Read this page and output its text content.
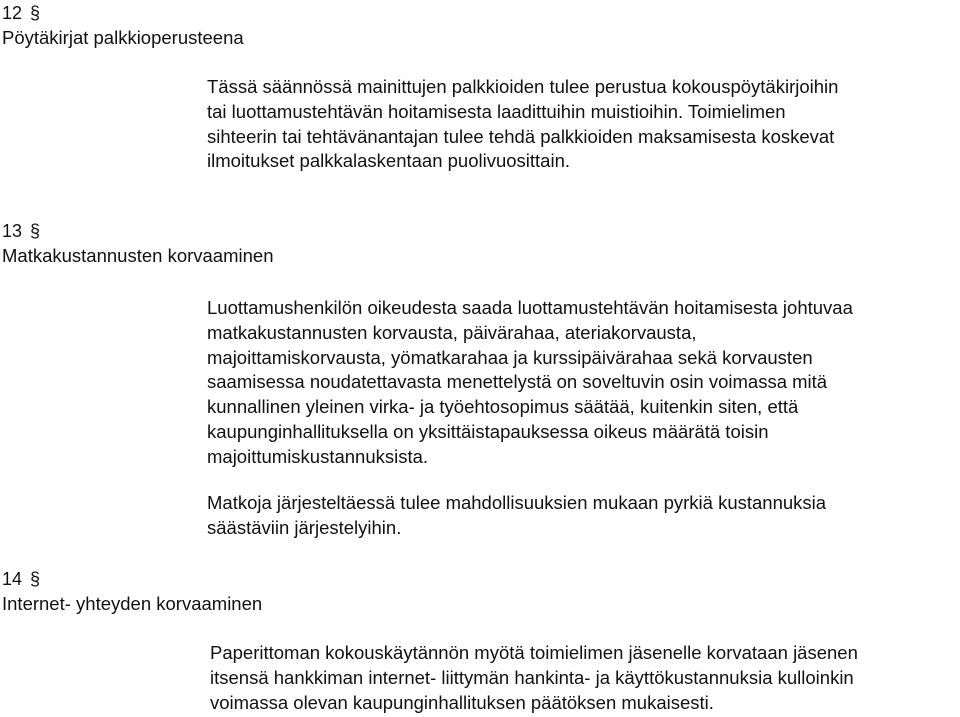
12 §
Pöytäkirjat palkkioperusteena
Tässä säännössä mainittujen palkkioiden tulee perustua kokouspöytäkirjoihin
tai luottamustehtävän hoitamisesta laadittuihin muistioihin. Toimielimen
sihteerin tai tehtävänantajan tulee tehdä palkkioiden maksamisesta koskevat
ilmoitukset palkkalaskentaan puolivuosittain.
13 §
Matkakustannusten korvaaminen
Luottamushenkilön oikeudesta saada luottamustehtävän hoitamisesta johtuvaa
matkakustannusten korvausta, päivärahaa, ateriakorvausta,
majoittamiskorvausta, yömatkarahaa ja kurssipäivärahaa sekä korvausten
saamisessa noudatettavasta menettelystä on soveltuvin osin voimassa mitä
kunnallinen yleinen virka- ja työehtosopimus säätää, kuitenkin siten, että
kaupunginhallituksella on yksittäistapauksessa oikeus määrätä toisin
majoittumiskustannuksista.
Matkoja järjesteltäessä tulee mahdollisuuksien mukaan pyrkiä kustannuksia
säästäviin järjestelyihin.
14 §
Internet- yhteyden korvaaminen
Paperittoman kokouskäytännön myötä toimielimen jäsenelle korvataan jäsenen
itsensä hankkiman internet- liittymän hankinta- ja käyttökustannuksia kulloinkin
voimassa olevan kaupunginhallituksen päätöksen mukaisesti.
